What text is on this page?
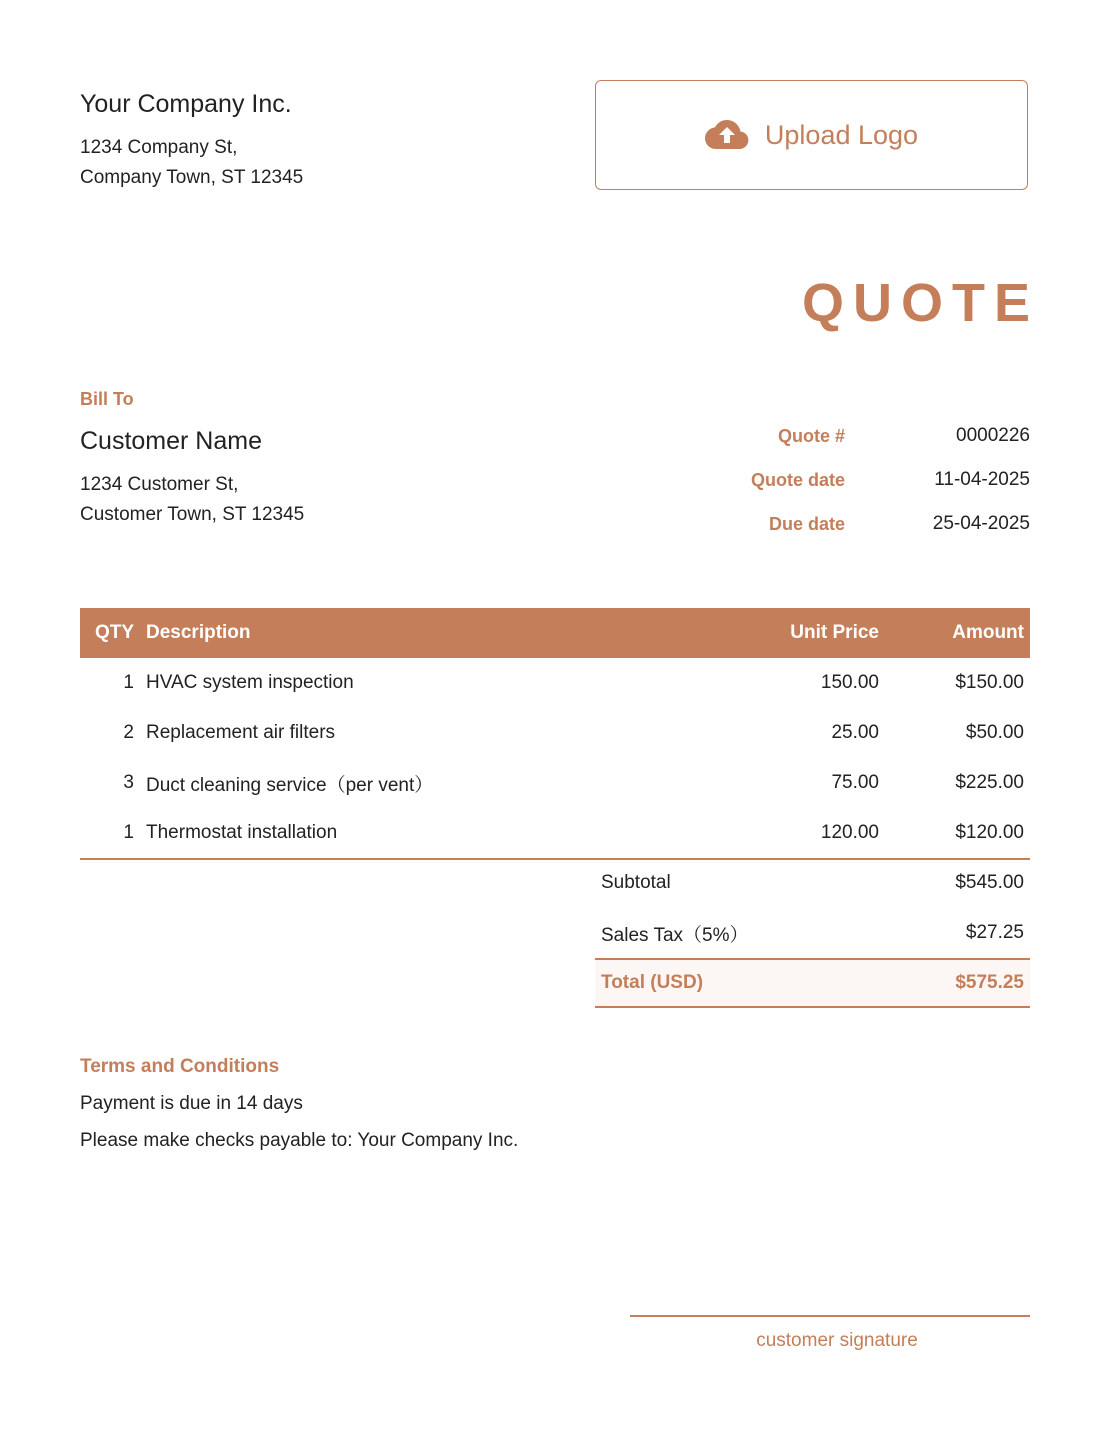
Your Company Inc.
1234 Company St,
Company Town, ST 12345
Upload Logo
QUOTE
Bill To
Customer Name
1234 Customer St,
Customer Town, ST 12345
Quote #	0000226
Quote date	11-04-2025
Due date	25-04-2025
QTY Description	Unit Price	Amount
1 HVAC system inspection	150.00	$150.00
2 Replacement air filters	25.00	$50.00
3 Duct cleaning service（per vent）	75.00	$225.00
1 Thermostat installation	120.00	$120.00
Subtotal	$545.00
Sales Tax（5%）	$27.25
Total (USD)	$575.25
Terms and Conditions
Payment is due in 14 days
Please make checks payable to: Your Company Inc.
customer signature
